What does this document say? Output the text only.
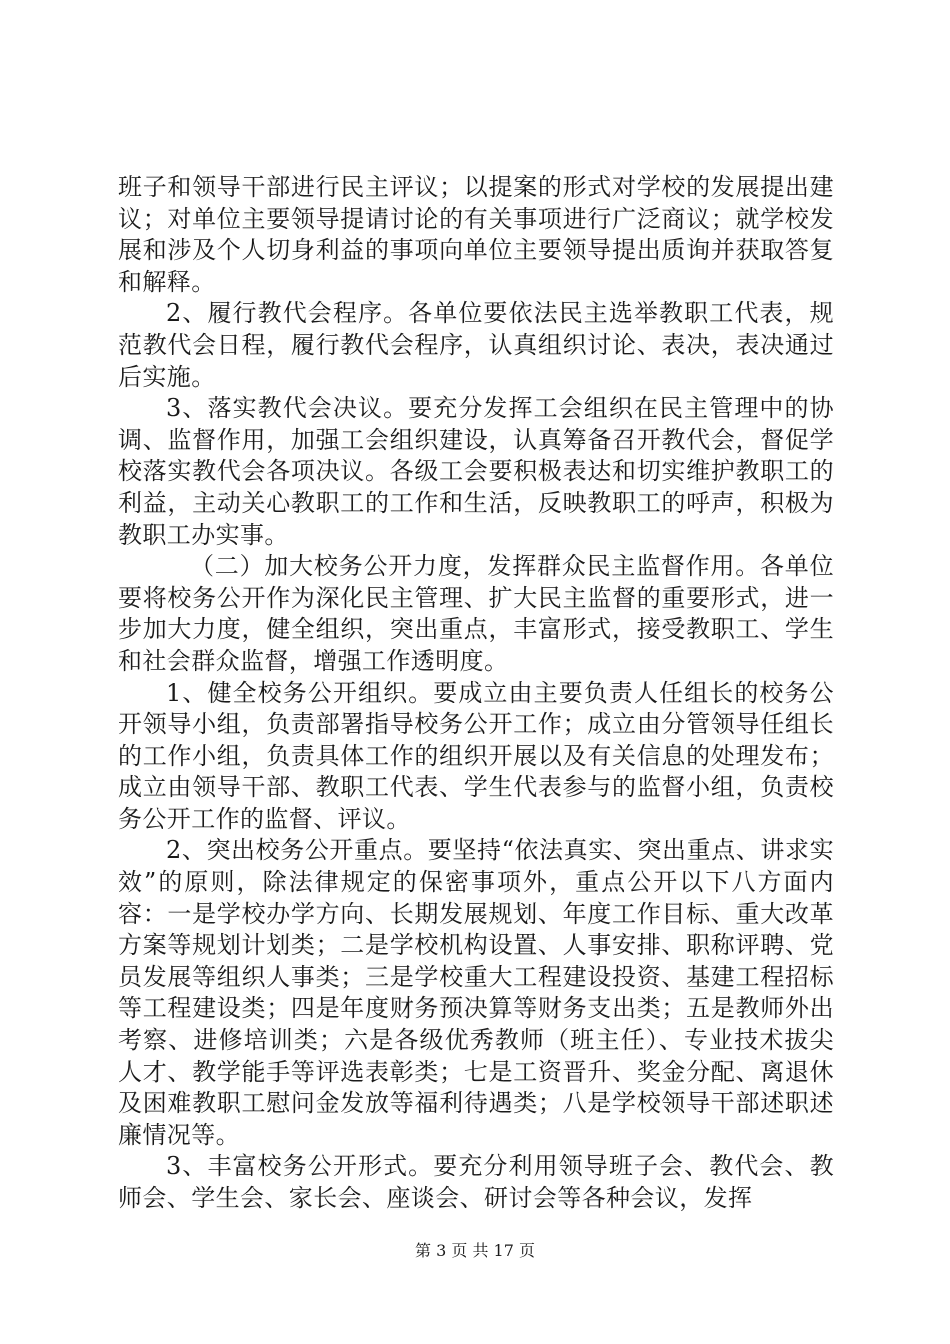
班子和领导干部进行民主评议；以提案的形式对学校的发展提出建议；对单位主要领导提请讨论的有关事项进行广泛商议；就学校发展和涉及个人切身利益的事项向单位主要领导提出质询并获取答复和解释。

2、履行教代会程序。各单位要依法民主选举教职工代表，规范教代会日程，履行教代会程序，认真组织讨论、表决，表决通过后实施。

3、落实教代会决议。要充分发挥工会组织在民主管理中的协调、监督作用，加强工会组织建设，认真筹备召开教代会，督促学校落实教代会各项决议。各级工会要积极表达和切实维护教职工的利益，主动关心教职工的工作和生活，反映教职工的呼声，积极为教职工办实事。

（二）加大校务公开力度，发挥群众民主监督作用。各单位要将校务公开作为深化民主管理、扩大民主监督的重要形式，进一步加大力度，健全组织，突出重点，丰富形式，接受教职工、学生和社会群众监督，增强工作透明度。

1、健全校务公开组织。要成立由主要负责人任组长的校务公开领导小组，负责部署指导校务公开工作；成立由分管领导任组长的工作小组，负责具体工作的组织开展以及有关信息的处理发布；成立由领导干部、教职工代表、学生代表参与的监督小组，负责校务公开工作的监督、评议。

2、突出校务公开重点。要坚持“依法真实、突出重点、讲求实效”的原则，除法律规定的保密事项外，重点公开以下八方面内容：一是学校办学方向、长期发展规划、年度工作目标、重大改革方案等规划计划类；二是学校机构设置、人事安排、职称评聘、党员发展等组织人事类；三是学校重大工程建设投资、基建工程招标等工程建设类；四是年度财务预决算等财务支出类；五是教师外出考察、进修培训类；六是各级优秀教师（班主任）、专业技术拔尖人才、教学能手等评选表彰类；七是工资晋升、奖金分配、离退休及困难教职工慰问金发放等福利待遇类；八是学校领导干部述职述廉情况等。

3、丰富校务公开形式。要充分利用领导班子会、教代会、教师会、学生会、家长会、座谈会、研讨会等各种会议，发挥

第 3 页 共 17 页
